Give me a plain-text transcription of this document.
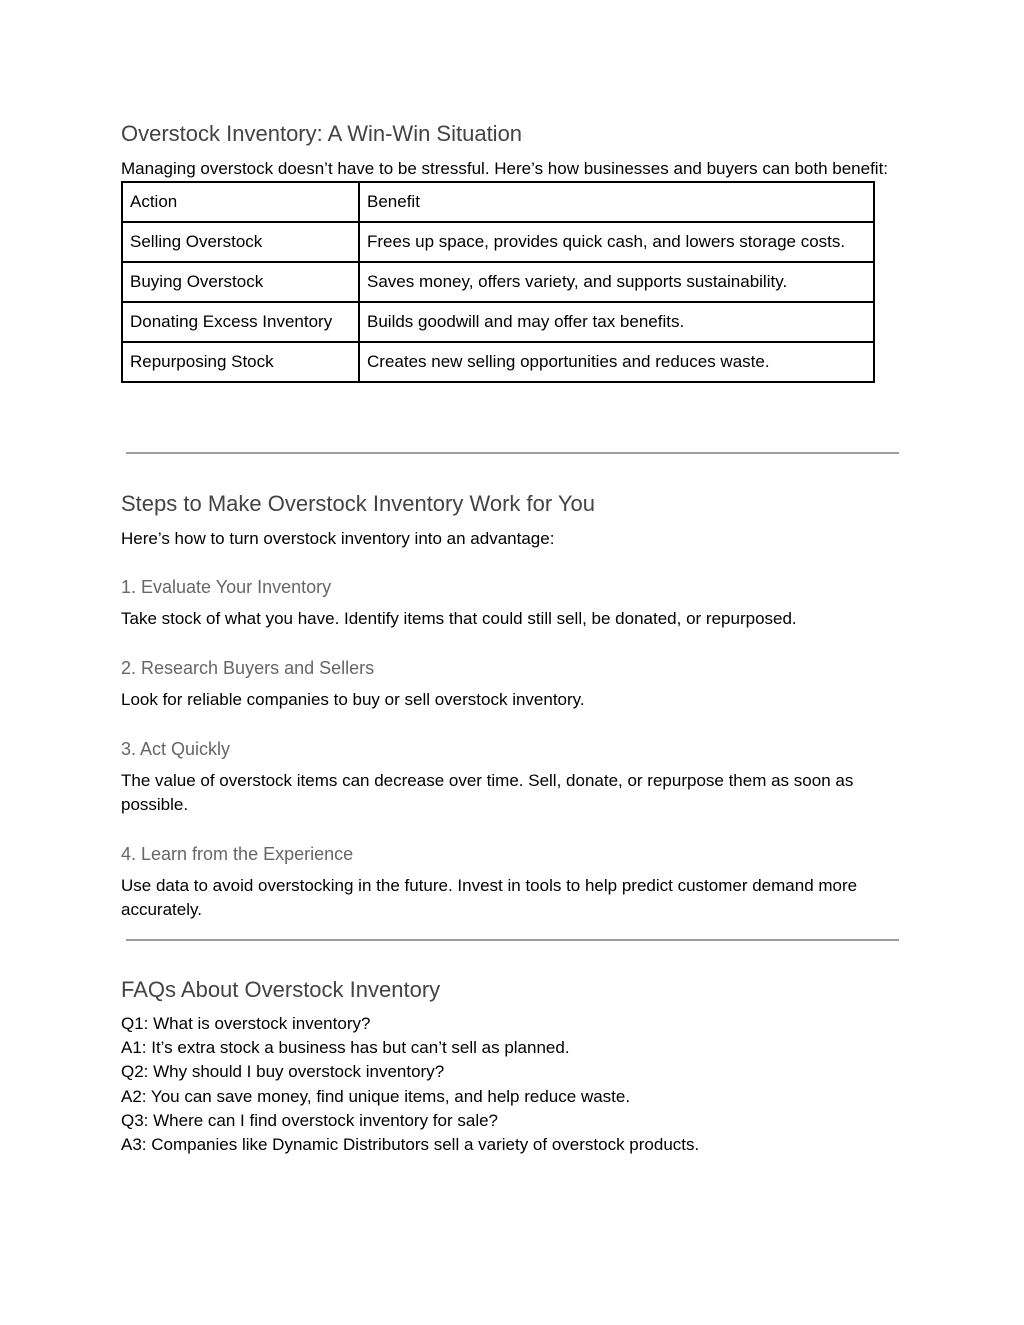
Overstock Inventory: A Win-Win Situation

Managing overstock doesn’t have to be stressful. Here’s how businesses and buyers can both benefit:

Action	Benefit
Selling Overstock	Frees up space, provides quick cash, and lowers storage costs.
Buying Overstock	Saves money, offers variety, and supports sustainability.
Donating Excess Inventory	Builds goodwill and may offer tax benefits.
Repurposing Stock	Creates new selling opportunities and reduces waste.
Steps to Make Overstock Inventory Work for You

Here’s how to turn overstock inventory into an advantage:

1. Evaluate Your Inventory

Take stock of what you have. Identify items that could still sell, be donated, or repurposed.

2. Research Buyers and Sellers

Look for reliable companies to buy or sell overstock inventory.

3. Act Quickly

The value of overstock items can decrease over time. Sell, donate, or repurpose them as soon as possible.

4. Learn from the Experience

Use data to avoid overstocking in the future. Invest in tools to help predict customer demand more accurately.

FAQs About Overstock Inventory

Q1: What is overstock inventory?

A1: It’s extra stock a business has but can’t sell as planned.

Q2: Why should I buy overstock inventory?

A2: You can save money, find unique items, and help reduce waste.

Q3: Where can I find overstock inventory for sale?

A3: Companies like Dynamic Distributors sell a variety of overstock products.
